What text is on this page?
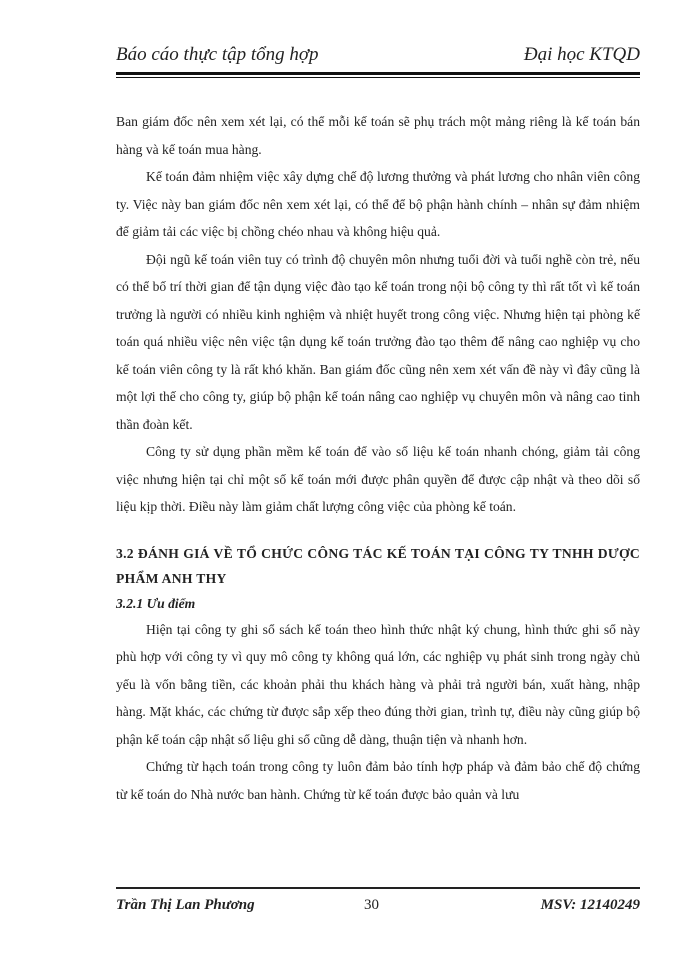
Báo cáo thực tập tổng hợp	Đại học KTQD

Ban giám đốc nên xem xét lại, có thể mỗi kế toán sẽ phụ trách một mảng riêng là kế toán bán hàng và kế toán mua hàng.

Kế toán đảm nhiệm việc xây dựng chế độ lương thưởng và phát lương cho nhân viên công ty. Việc này ban giám đốc nên xem xét lại, có thể để bộ phận hành chính – nhân sự đảm nhiệm để giảm tải các việc bị chồng chéo nhau và không hiệu quả.

Đội ngũ kế toán viên tuy có trình độ chuyên môn nhưng tuổi đời và tuổi nghề còn trẻ, nếu có thể bố trí thời gian để tận dụng việc đào tạo kế toán trong nội bộ công ty thì rất tốt vì kế toán trưởng là người có nhiều kinh nghiệm và nhiệt huyết trong công việc. Nhưng hiện tại phòng kế toán quá nhiều việc nên việc tận dụng kế toán trưởng đào tạo thêm để nâng cao nghiệp vụ cho kế toán viên công ty là rất khó khăn. Ban giám đốc cũng nên xem xét vấn đề này vì đây cũng là một lợi thế cho công ty, giúp bộ phận kế toán nâng cao nghiệp vụ chuyên môn và nâng cao tinh thần đoàn kết.

Công ty sử dụng phần mềm kế toán để vào số liệu kế toán nhanh chóng, giảm tải công việc nhưng hiện tại chỉ một số kế toán mới được phân quyền để được cập nhật và theo dõi số liệu kịp thời. Điều này làm giảm chất lượng công việc của phòng kế toán.

3.2 ĐÁNH GIÁ VỀ TỔ CHỨC CÔNG TÁC KẾ TOÁN TẠI CÔNG TY TNHH DƯỢC PHẨM ANH THY
3.2.1 Ưu điểm

Hiện tại công ty ghi sổ sách kế toán theo hình thức nhật ký chung, hình thức ghi sổ này phù hợp với công ty vì quy mô công ty không quá lớn, các nghiệp vụ phát sinh trong ngày chủ yếu là vốn bằng tiền, các khoản phải thu khách hàng và phải trả người bán, xuất hàng, nhập hàng. Mặt khác, các chứng từ được sắp xếp theo đúng thời gian, trình tự, điều này cũng giúp bộ phận kế toán cập nhật số liệu ghi sổ cũng dễ dàng, thuận tiện và nhanh hơn.

Chứng từ hạch toán trong công ty luôn đảm bảo tính hợp pháp và đảm bảo chế độ chứng từ kế toán do Nhà nước ban hành. Chứng từ kế toán được bảo quản và lưu

Trần Thị Lan Phương	30	MSV: 12140249
